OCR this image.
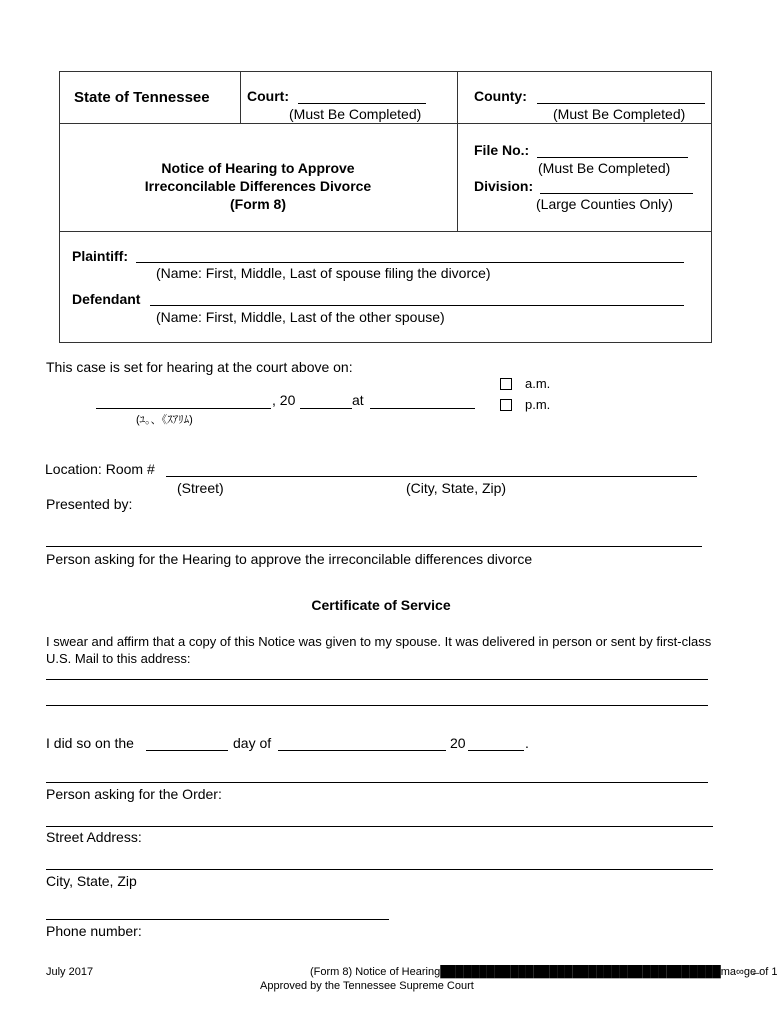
State of Tennessee	Court:
(Must Be Completed)
County:
(Must Be Completed)
Notice of Hearing to Approve
Irreconcilable Differences Divorce
(Form 8)
File No.:
(Must Be Completed)
Division:
(Large Counties Only)
Plaintiff:
(Name: First, Middle, Last of spouse filing the divorce)
Defendant
(Name: First, Middle, Last of the other spouse)
This case is set for hearing at the court above on:
, 20	at
(ﾕ｡、《ｽｱﾘﾑ)
a.m.
p.m.
Location: Room #
(Street)	(City, State, Zip)
Presented by:
Person asking for the Hearing to approve the irreconcilable differences divorce
Certificate of Service
I swear and affirm that a copy of this Notice was given to my spouse. It was delivered in person or sent by first-class U.S. Mail to this address:
I did so on the	day of	20	.
Person asking for the Order:
Street Address:
City, State, Zip
Phone number:
July 2017	(Form 8) Notice of Hearing████████████████████████████████████ma∞ge̶ of 1
Approved by the Tennessee Supreme Court
